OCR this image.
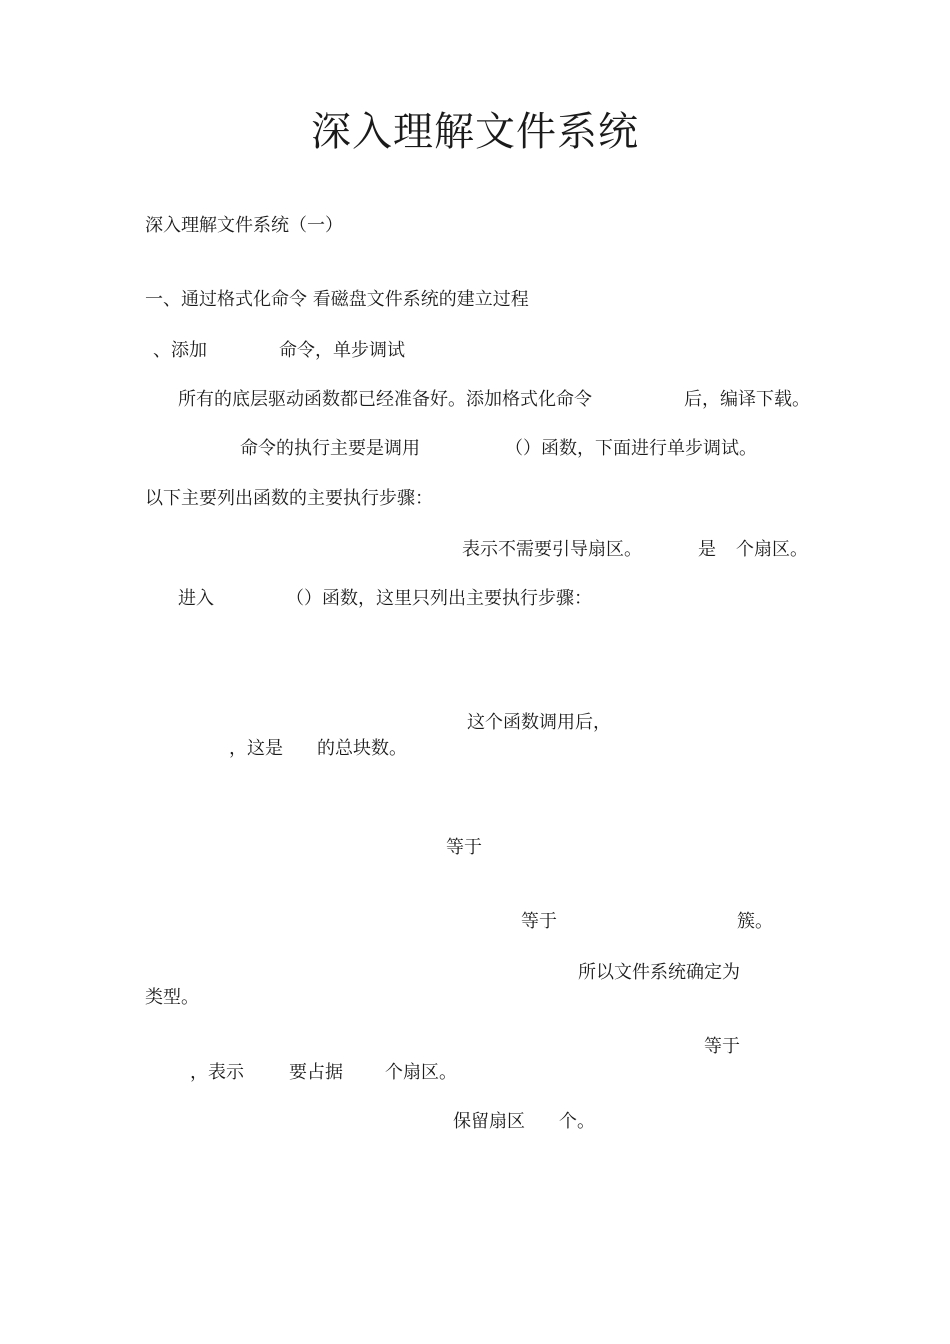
深入理解文件系统
深入理解文件系统（一）
一、通过格式化命令 看磁盘文件系统的建立过程
、添加	命令，单步调试
所有的底层驱动函数都已经准备好。添加格式化命令	后，编译下载。
命令的执行主要是调用	（）函数，下面进行单步调试。
以下主要列出函数的主要执行步骤：
表示不需要引导扇区。	是 个扇区。
进入	（）函数，这里只列出主要执行步骤：
这个函数调用后，
，这是 的总块数。
等于
等于	簇。
所以文件系统确定为
类型。
等于
，表示	要占据 个扇区。
保留扇区 个。
